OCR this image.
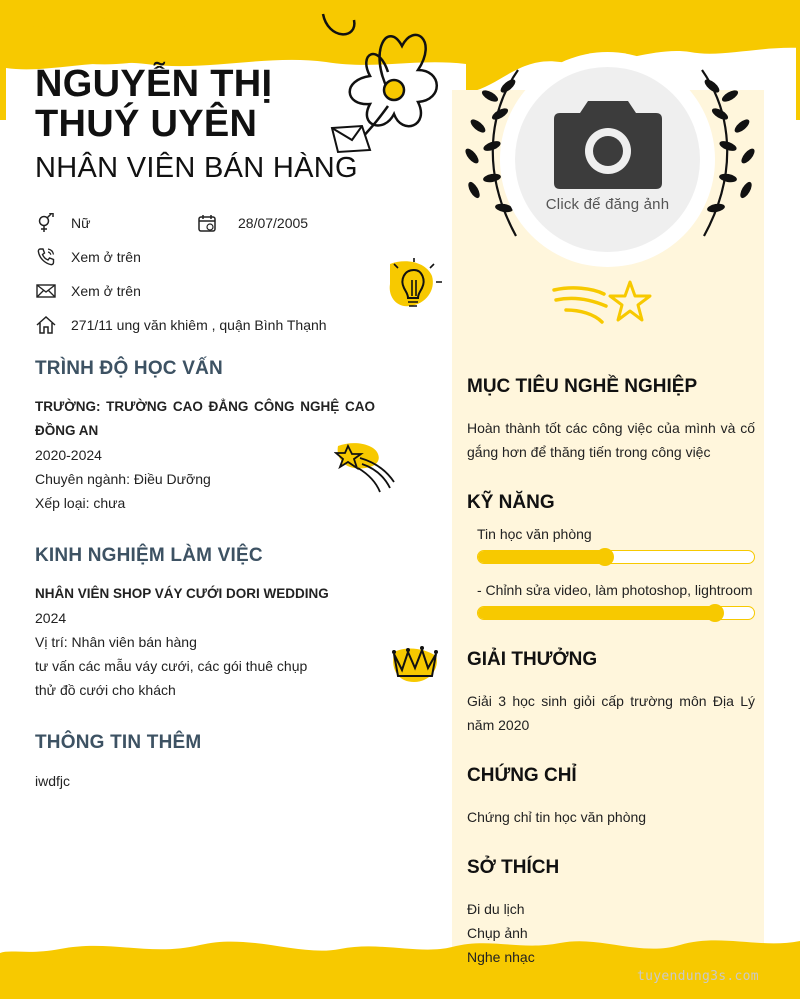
NGUYỄN THỊ
THUÝ UYÊN
NHÂN VIÊN BÁN HÀNG
Nữ	28/07/2005
Xem ở trên
Xem ở trên
271/11 ung văn khiêm , quận Bình Thạnh
TRÌNH ĐỘ HỌC VẤN
TRƯỜNG: TRƯỜNG CAO ĐẲNG CÔNG NGHỆ CAO ĐỒNG AN
2020-2024
Chuyên ngành: Điều Dưỡng
Xếp loại: chưa
KINH NGHIỆM LÀM VIỆC
NHÂN VIÊN SHOP VÁY CƯỚI DORI WEDDING
2024
Vị trí: Nhân viên bán hàng
tư vấn các mẫu váy cưới, các gói thuê chụp
thử đồ cưới cho khách
THÔNG TIN THÊM
iwdfjc
Click để đăng ảnh
MỤC TIÊU NGHỀ NGHIỆP
Hoàn thành tốt các công việc của mình và cố gắng hơn để thăng tiến trong công việc
KỸ NĂNG
Tin học văn phòng
- Chỉnh sửa video, làm photoshop, lightroom
GIẢI THƯỞNG
Giải 3 học sinh giỏi cấp trường môn Địa Lý năm 2020
CHỨNG CHỈ
Chứng chỉ tin học văn phòng
SỞ THÍCH
Đi du lịch
Chụp ảnh
Nghe nhạc
tuyendung3s.com
